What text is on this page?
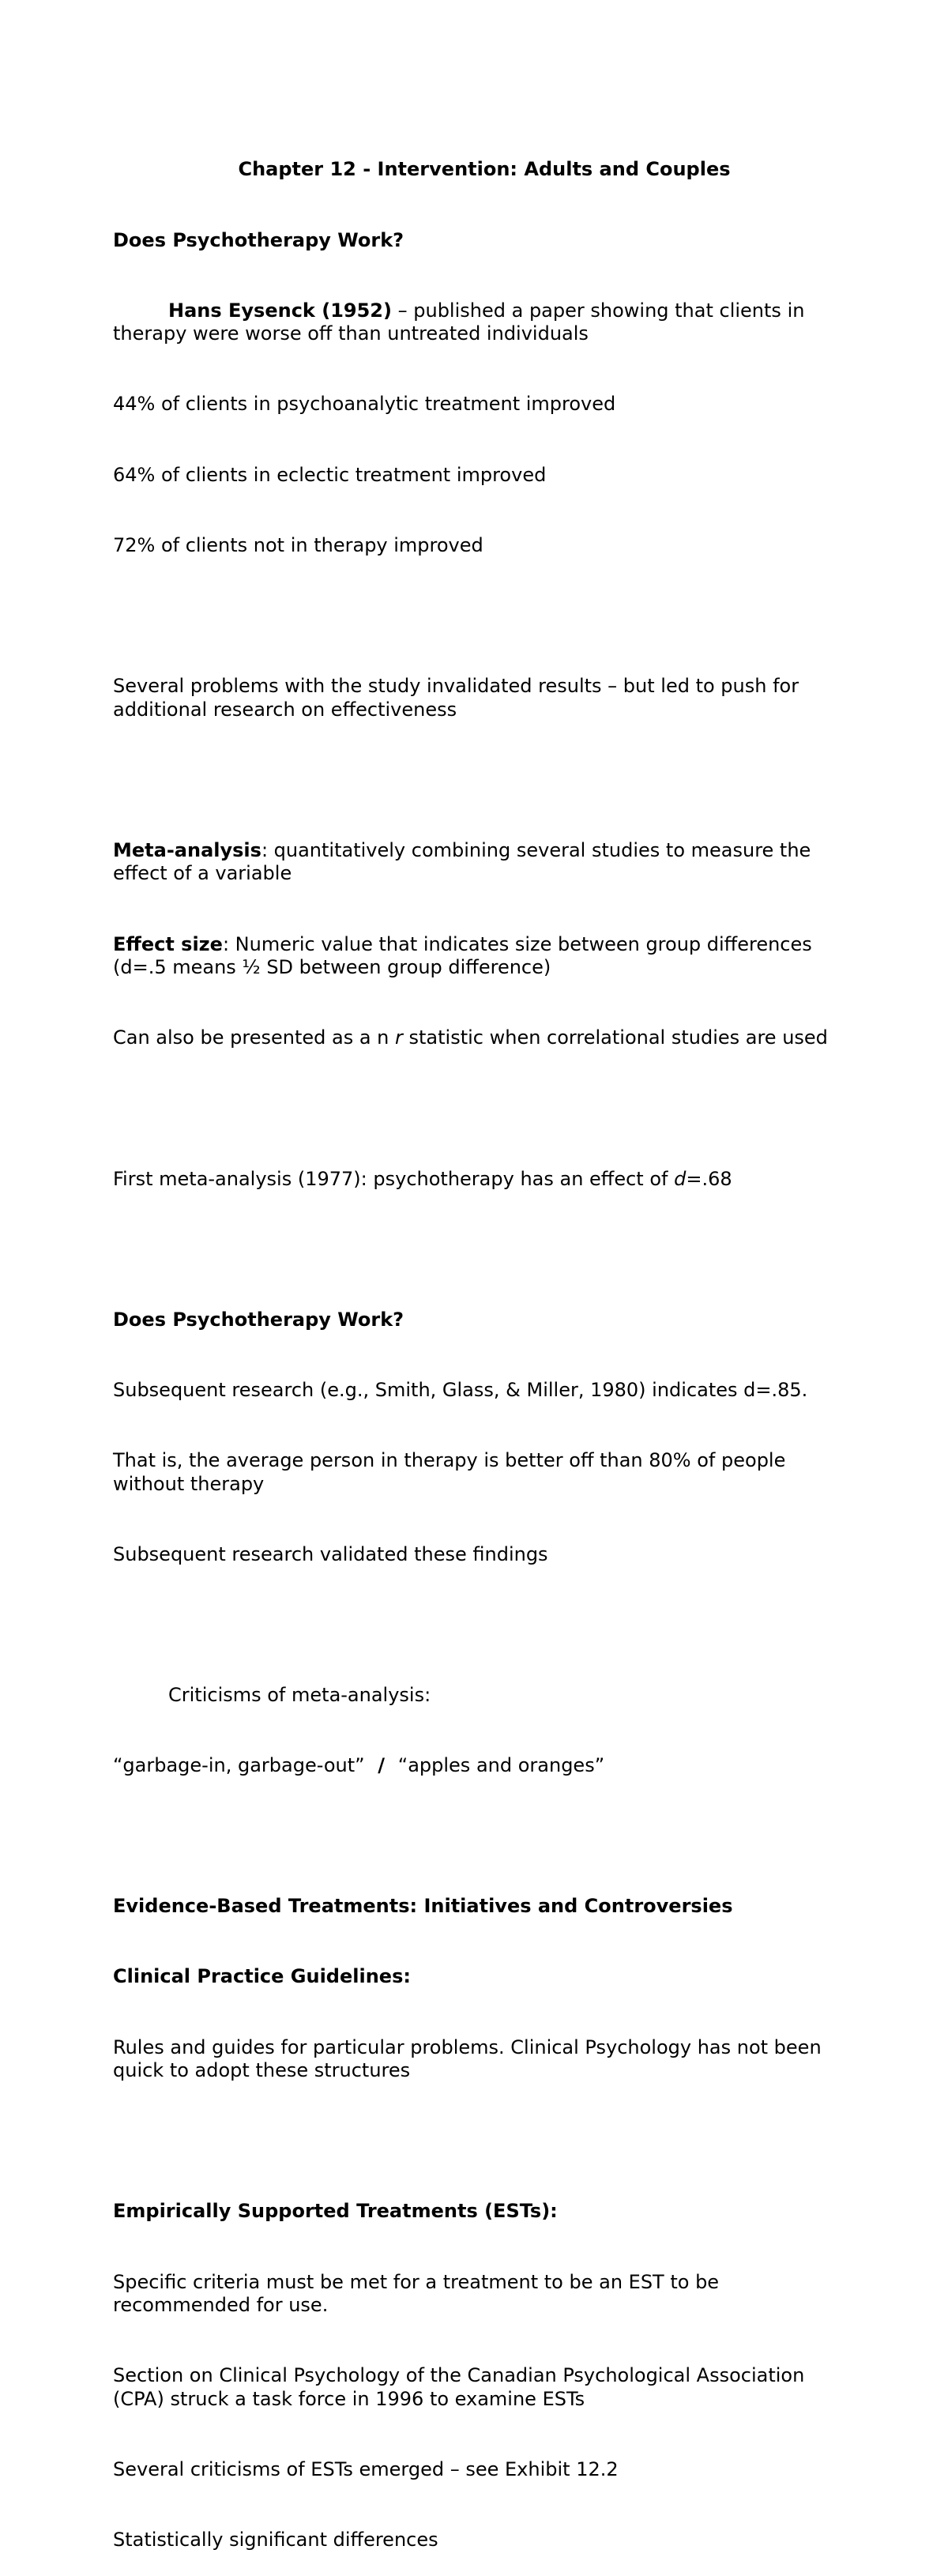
Chapter 12 - Intervention: Adults and Couples

Does Psychotherapy Work?

Hans Eysenck (1952) – published a paper showing that clients in therapy were worse off than untreated individuals

44% of clients in psychoanalytic treatment improved

64% of clients in eclectic treatment improved

72% of clients not in therapy improved

Several problems with the study invalidated results – but led to push for additional research on effectiveness

Meta-analysis: quantitatively combining several studies to measure the effect of a variable

Effect size: Numeric value that indicates size between group differences (d=.5 means ½ SD between group difference)

Can also be presented as a n r statistic when correlational studies are used

First meta-analysis (1977): psychotherapy has an effect of d=.68

Does Psychotherapy Work?

Subsequent research (e.g., Smith, Glass, & Miller, 1980) indicates d=.85.

That is, the average person in therapy is better off than 80% of people without therapy

Subsequent research validated these findings

Criticisms of meta-analysis:

“garbage-in, garbage-out”  /  “apples and oranges”

Evidence-Based Treatments: Initiatives and Controversies

Clinical Practice Guidelines:

Rules and guides for particular problems. Clinical Psychology has not been quick to adopt these structures

Empirically Supported Treatments (ESTs):

Specific criteria must be met for a treatment to be an EST to be recommended for use.

Section on Clinical Psychology of the Canadian Psychological Association (CPA) struck a task force in 1996 to examine ESTs

Several criticisms of ESTs emerged – see Exhibit 12.2

Statistically significant differences
